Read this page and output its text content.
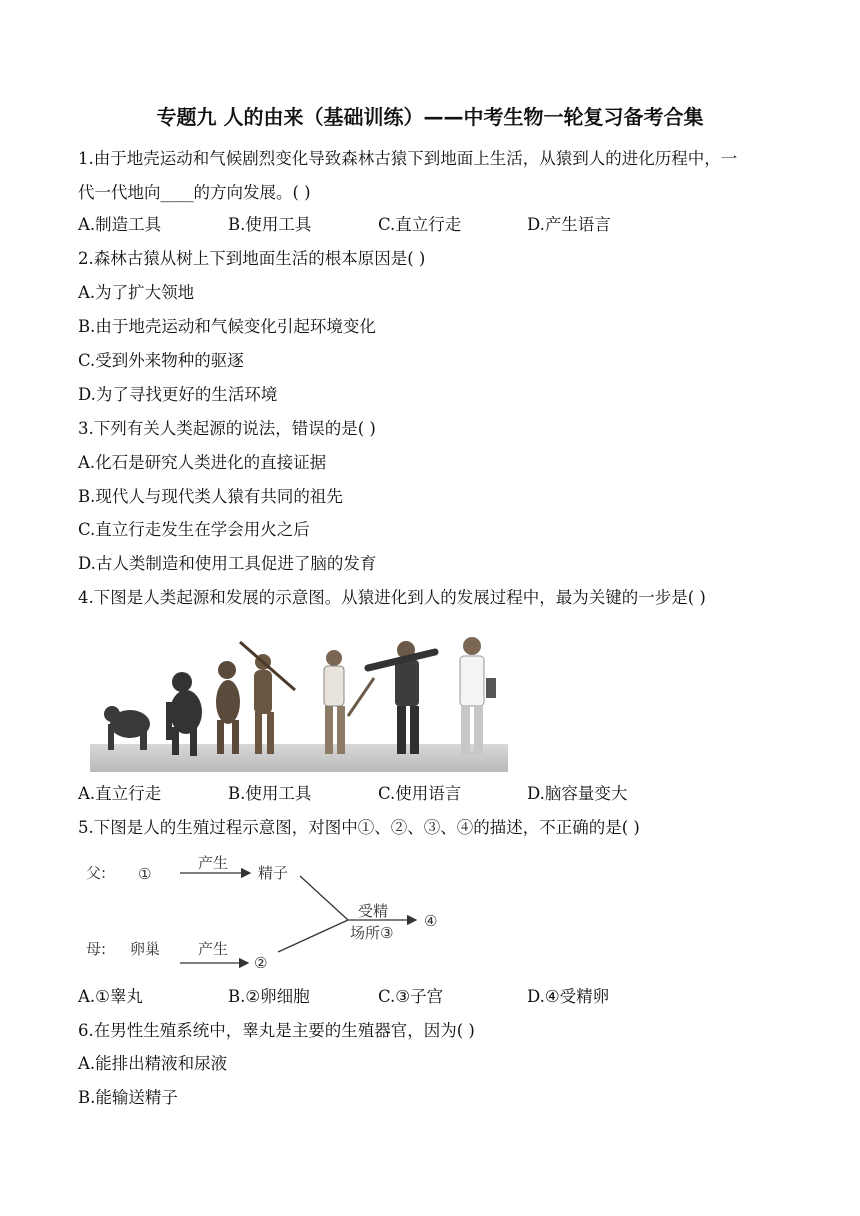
专题九 人的由来（基础训练）——中考生物一轮复习备考合集
1.由于地壳运动和气候剧烈变化导致森林古猿下到地面上生活，从猿到人的进化历程中，一
代一代地向____的方向发展。( )
A.制造工具	B.使用工具	C.直立行走	D.产生语言
2.森林古猿从树上下到地面生活的根本原因是( )
A.为了扩大领地
B.由于地壳运动和气候变化引起环境变化
C.受到外来物种的驱逐
D.为了寻找更好的生活环境
3.下列有关人类起源的说法，错误的是( )
A.化石是研究人类进化的直接证据
B.现代人与现代类人猿有共同的祖先
C.直立行走发生在学会用火之后
D.古人类制造和使用工具促进了脑的发育
4.下图是人类起源和发展的示意图。从猿进化到人的发展过程中，最为关键的一步是( )
A.直立行走	B.使用工具	C.使用语言	D.脑容量变大
5.下图是人的生殖过程示意图，对图中①、②、③、④的描述，不正确的是( )
父: ①
产生
精子
受精
场所③
④
母: 卵巢	产生
②
A.①睾丸	B.②卵细胞	C.③子宫	D.④受精卵
6.在男性生殖系统中，睾丸是主要的生殖器官，因为( )
A.能排出精液和尿液
B.能输送精子
